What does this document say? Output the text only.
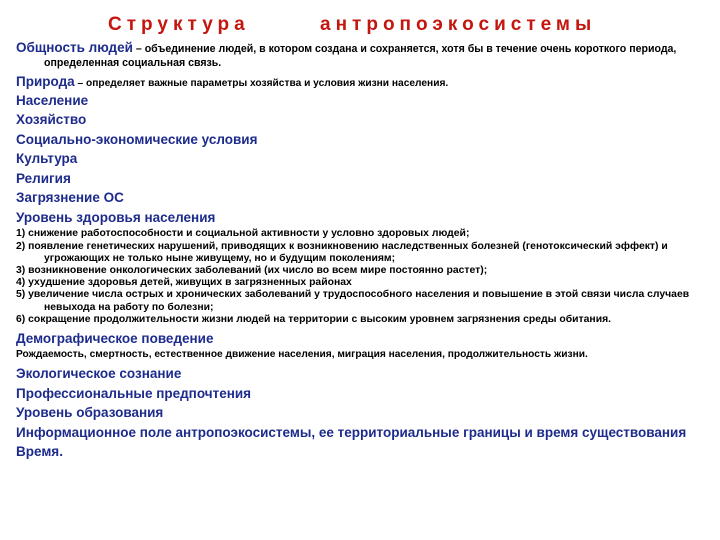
Структура	антропоэкосистемы
Общность людей – объединение людей, в котором создана и сохраняется, хотя бы в течение очень короткого периода, определенная социальная связь.
Природа – определяет важные параметры хозяйства и условия жизни населения.
Население
Хозяйство
Социально-экономические условия
Культура
Религия
Загрязнение ОС
Уровень здоровья населения
1) снижение работоспособности и социальной активности у условно здоровых людей;
2) появление генетических нарушений, приводящих к возникновению наследственных болезней (генотоксический эффект) и угрожающих не только ныне живущему, но и будущим поколениям;
3) возникновение онкологических заболеваний (их число во всем мире постоянно растет);
4) ухудшение здоровья детей, живущих в загрязненных районах
5) увеличение числа острых и хронических заболеваний у трудоспособного населения и повышение в этой связи числа случаев невыхода на работу по болезни;
6) сокращение продолжительности жизни людей на территории с высоким уровнем загрязнения среды обитания.
Демографическое поведение
Рождаемость, смертность, естественное движение населения, миграция населения, продолжительность жизни.
Экологическое сознание
Профессиональные предпочтения
Уровень образования
Информационное поле антропоэкосистемы, ее территориальные границы и время существования
Время.
